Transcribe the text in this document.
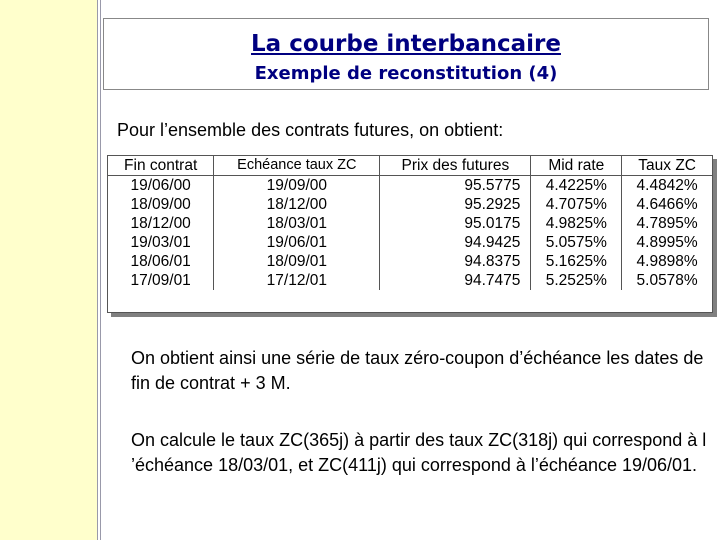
La courbe interbancaire
Exemple de reconstitution (4)
Pour l’ensemble des contrats futures, on obtient:
Fin contrat	Echéance taux ZC	Prix des futures	Mid rate	Taux ZC
19/06/00	19/09/00	95.5775	4.4225%	4.4842%
18/09/00	18/12/00	95.2925	4.7075%	4.6466%
18/12/00	18/03/01	95.0175	4.9825%	4.7895%
19/03/01	19/06/01	94.9425	5.0575%	4.8995%
18/06/01	18/09/01	94.8375	5.1625%	4.9898%
17/09/01	17/12/01	94.7475	5.2525%	5.0578%
On obtient ainsi une série de taux zéro-coupon d’échéance les dates de fin de contrat + 3 M.
On calcule le taux ZC(365j) à partir des taux ZC(318j) qui correspond à l ’échéance 18/03/01, et ZC(411j) qui correspond à l’échéance 19/06/01.
